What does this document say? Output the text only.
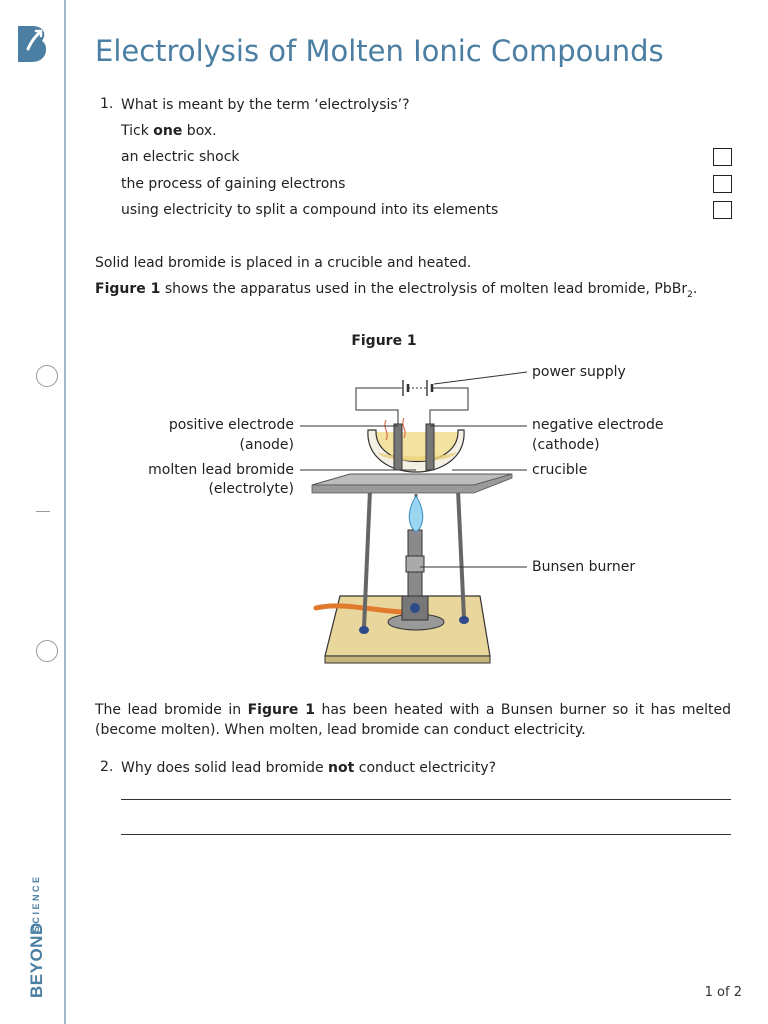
BEYOND
SCIENCE
Electrolysis of Molten Ionic Compounds
1. What is meant by the term ‘electrolysis’?
Tick one box.
an electric shock
the process of gaining electrons
using electricity to split a compound into its elements
Solid lead bromide is placed in a crucible and heated.
Figure 1 shows the apparatus used in the electrolysis of molten lead bromide, PbBr$_2$.
Figure 1
power supply
positive electrode
(anode)
molten lead bromide
(electrolyte)
negative electrode
(cathode)
crucible
Bunsen burner
The lead bromide in Figure 1 has been heated with a Bunsen burner so it has melted (become molten). When molten, lead bromide can conduct electricity.
2. Why does solid lead bromide not conduct electricity?
1 of 2
